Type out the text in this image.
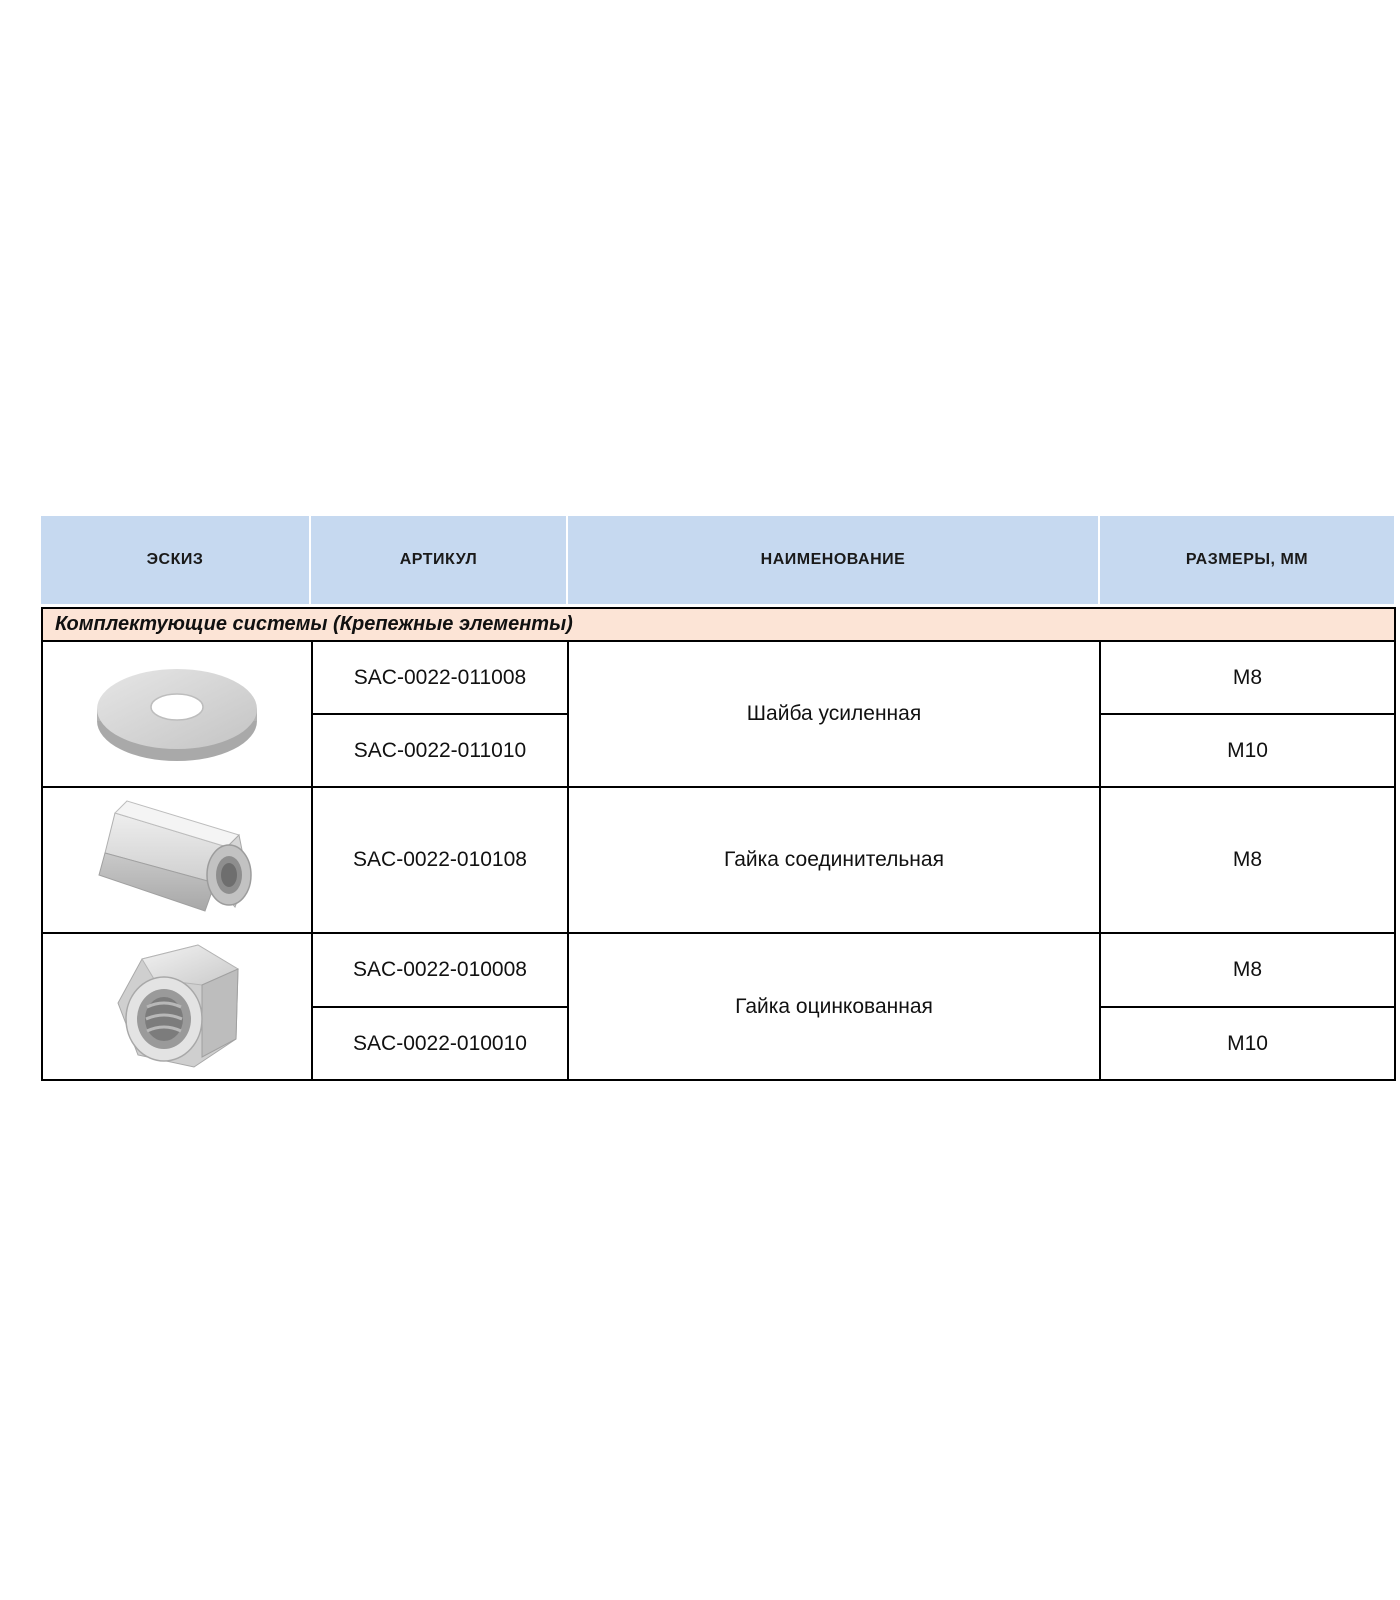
ЭСКИЗ	АРТИКУЛ	НАИМЕНОВАНИЕ	РАЗМЕРЫ, ММ
Комплектующие системы (Крепежные элементы)			

	SAC-0022-011008	Шайба усиленная	M8
	SAC-0022-011010		M10

	SAC-0022-010108	Гайка соединительная	M8

	SAC-0022-010008	Гайка оцинкованная	M8
	SAC-0022-010010		M10
